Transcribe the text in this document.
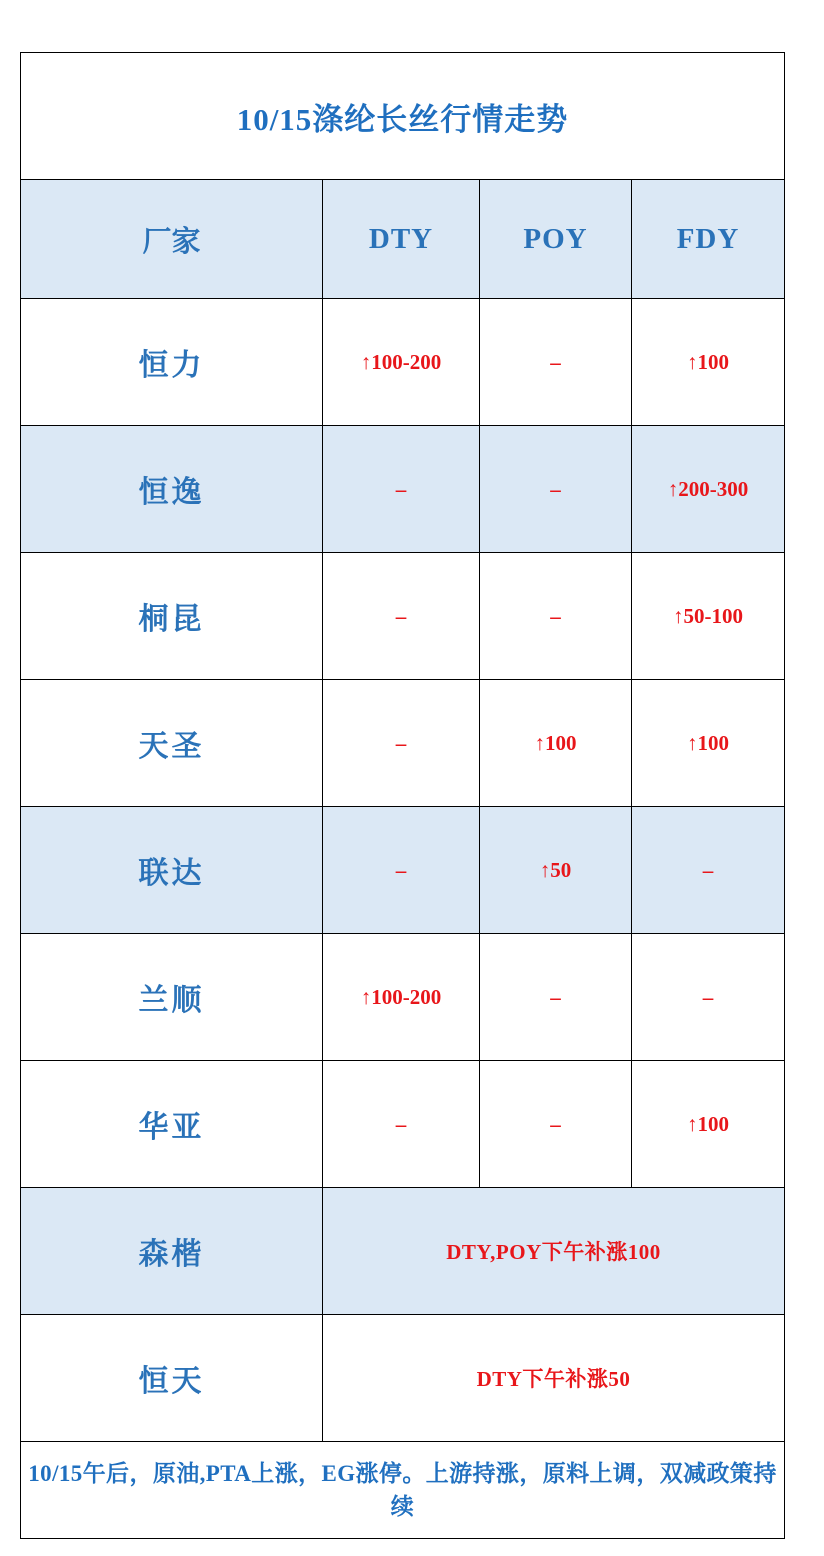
10/15涤纶长丝行情走势			
厂家	DTY	POY	FDY
恒力	↑100-200	–	↑100
恒逸	–	–	↑200-300
桐昆	–	–	↑50-100
天圣	–	↑100	↑100
联达	–	↑50	–
兰顺	↑100-200	–	–
华亚	–	–	↑100
森楷	DTY,POY下午补涨100		
恒天	DTY下午补涨50		

10/15午后，原油,PTA上涨，EG涨停。上游持涨，原料上调，双减政策持续			
